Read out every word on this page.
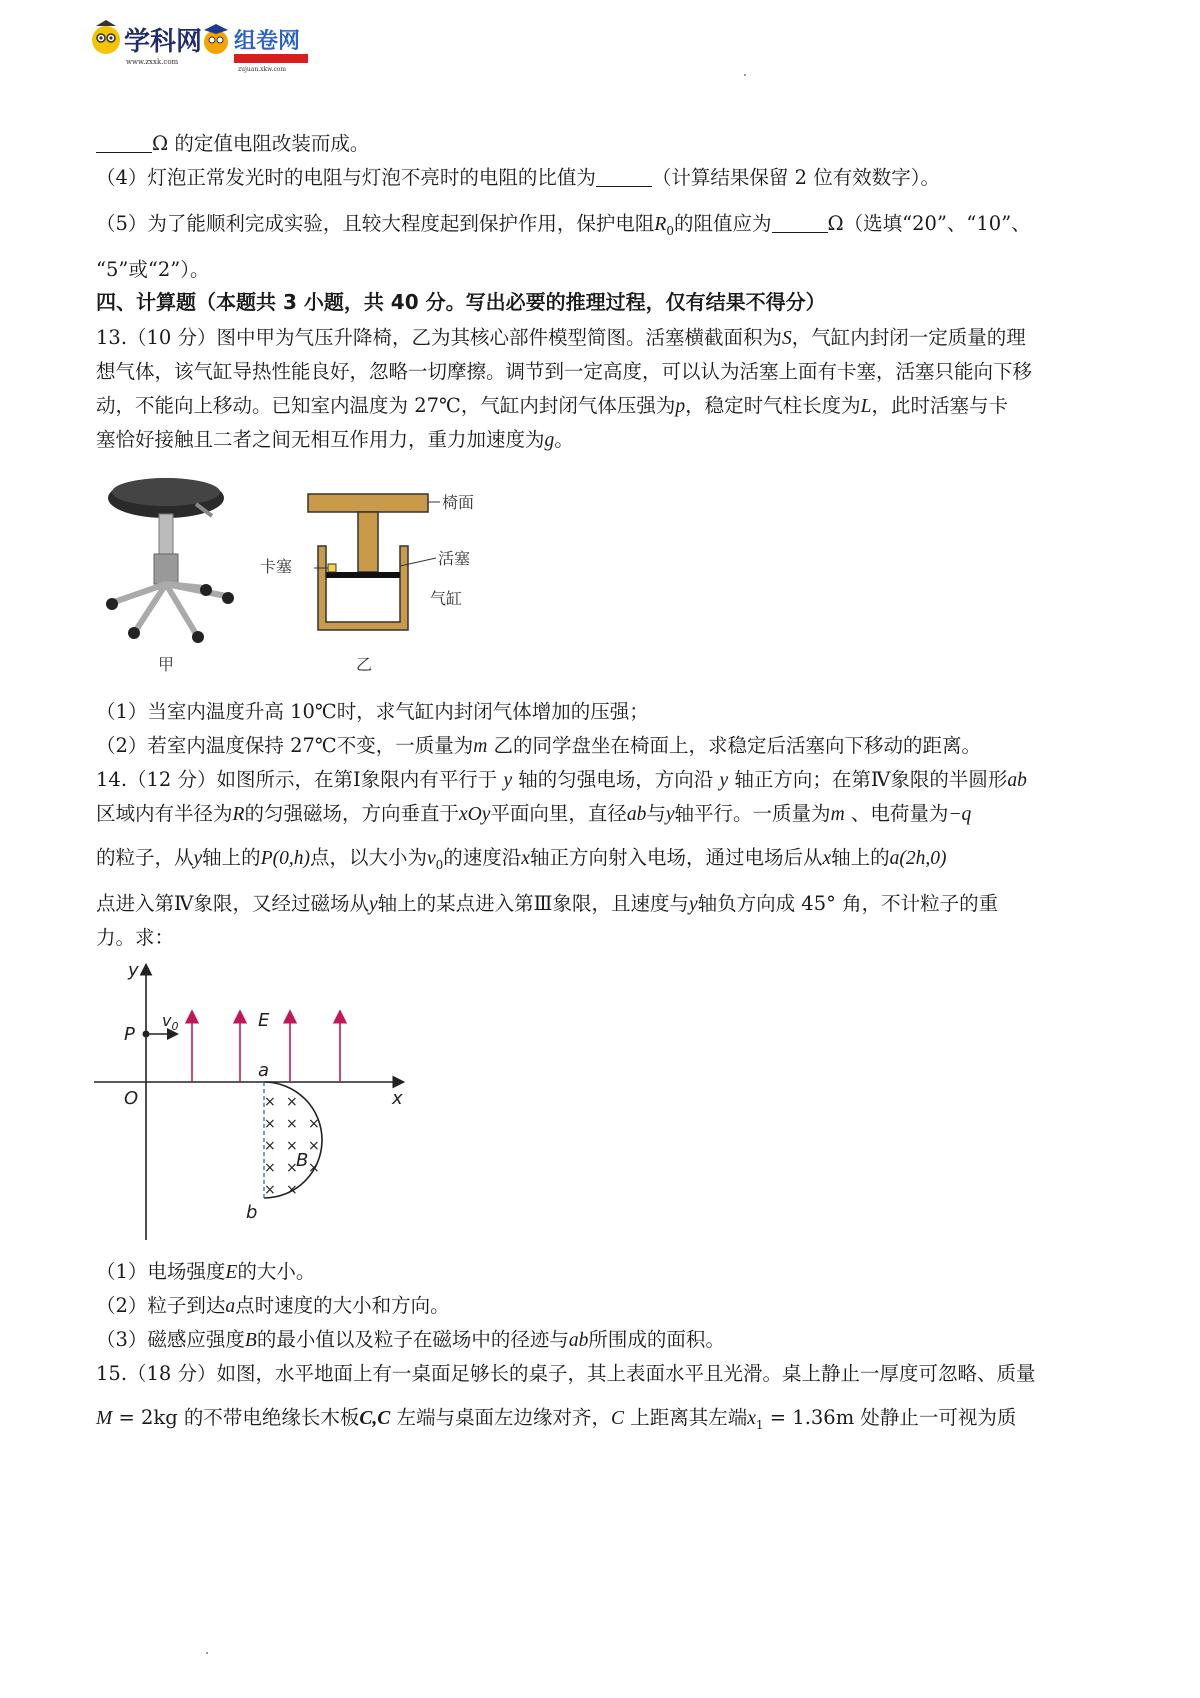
学科网
www.zxxk.com
组卷网
zujuan.xkw.com
Ω 的定值电阻改装而成。
（4）灯泡正常发光时的电阻与灯泡不亮时的电阻的比值为	（计算结果保留 2 位有效数字）。
（5）为了能顺利完成实验，且较大程度起到保护作用，保护电阻$R_0$的阻值应为	Ω（选填“20”、“10”、
“5”或“2”）。
四、计算题（本题共 3 小题，共 40 分。写出必要的推理过程，仅有结果不得分）
13.（10 分）图中甲为气压升降椅，乙为其核心部件模型简图。活塞横截面积为S，气缸内封闭一定质量的理
想气体，该气缸导热性能良好，忽略一切摩擦。调节到一定高度，可以认为活塞上面有卡塞，活塞只能向下移
动，不能向上移动。已知室内温度为 27℃，气缸内封闭气体压强为p，稳定时气柱长度为L，此时活塞与卡
塞恰好接触且二者之间无相互作用力，重力加速度为g。
甲
椅面
活塞
卡塞
气缸
乙
（1）当室内温度升高 10℃时，求气缸内封闭气体增加的压强；
（2）若室内温度保持 27℃不变，一质量为m 乙的同学盘坐在椅面上，求稳定后活塞向下移动的距离。
14.（12 分）如图所示，在第Ⅰ象限内有平行于 y 轴的匀强电场，方向沿 y 轴正方向；在第Ⅳ象限的半圆形ab
区域内有半径为R的匀强磁场，方向垂直于xOy平面向里，直径ab与y轴平行。一质量为m 、电荷量为−q
的粒子，从y轴上的P(0,h)点，以大小为$v_0$的速度沿x轴正方向射入电场，通过电场后从x轴上的a(2h,0)
点进入第Ⅳ象限，又经过磁场从y轴上的某点进入第Ⅲ象限，且速度与y轴负方向成 45° 角，不计粒子的重
力。求：
y
x
O
P
$v_0$	E
a
b
× ×
× × ×
× × ×
× × ×
× ×
B
（1）电场强度E的大小。
（2）粒子到达a点时速度的大小和方向。
（3）磁感应强度B的最小值以及粒子在磁场中的径迹与ab所围成的面积。
15.（18 分）如图，水平地面上有一桌面足够长的桌子，其上表面水平且光滑。桌上静止一厚度可忽略、质量
M = 2kg 的不带电绝缘长木板C,C 左端与桌面左边缘对齐，C 上距离其左端$x_1 = 1.36m$ 处静止一可视为质
